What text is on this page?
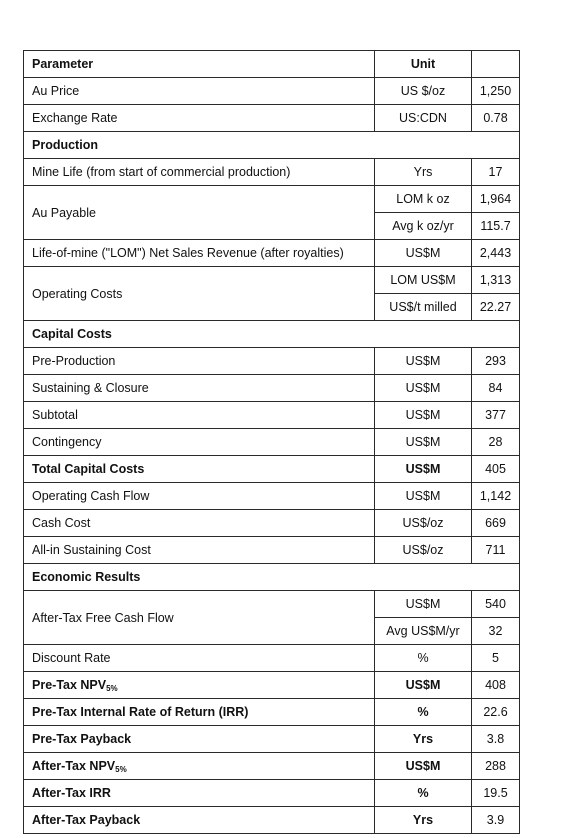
Parameter	Unit	
Au Price	US $/oz	1,250
Exchange Rate	US:CDN	0.78
Production		
Mine Life (from start of commercial production)	Yrs	17
Au Payable	LOM k oz	1,964
	Avg k oz/yr	115.7
Life-of-mine ("LOM") Net Sales Revenue (after royalties)	US$M	2,443
Operating Costs	LOM US$M	1,313
	US$/t milled	22.27
Capital Costs		
Pre-Production	US$M	293
Sustaining & Closure	US$M	84
Subtotal	US$M	377
Contingency	US$M	28
Total Capital Costs	US$M	405
Operating Cash Flow	US$M	1,142
Cash Cost	US$/oz	669
All-in Sustaining Cost	US$/oz	711
Economic Results		
After-Tax Free Cash Flow	US$M	540
	Avg US$M/yr	32
Discount Rate	%	5
Pre-Tax $NPV_{5\%}$	US$M	408
Pre-Tax Internal Rate of Return (IRR)	%	22.6
Pre-Tax Payback	Yrs	3.8
After-Tax $NPV_{5\%}$	US$M	288
After-Tax IRR	%	19.5
After-Tax Payback	Yrs	3.9
